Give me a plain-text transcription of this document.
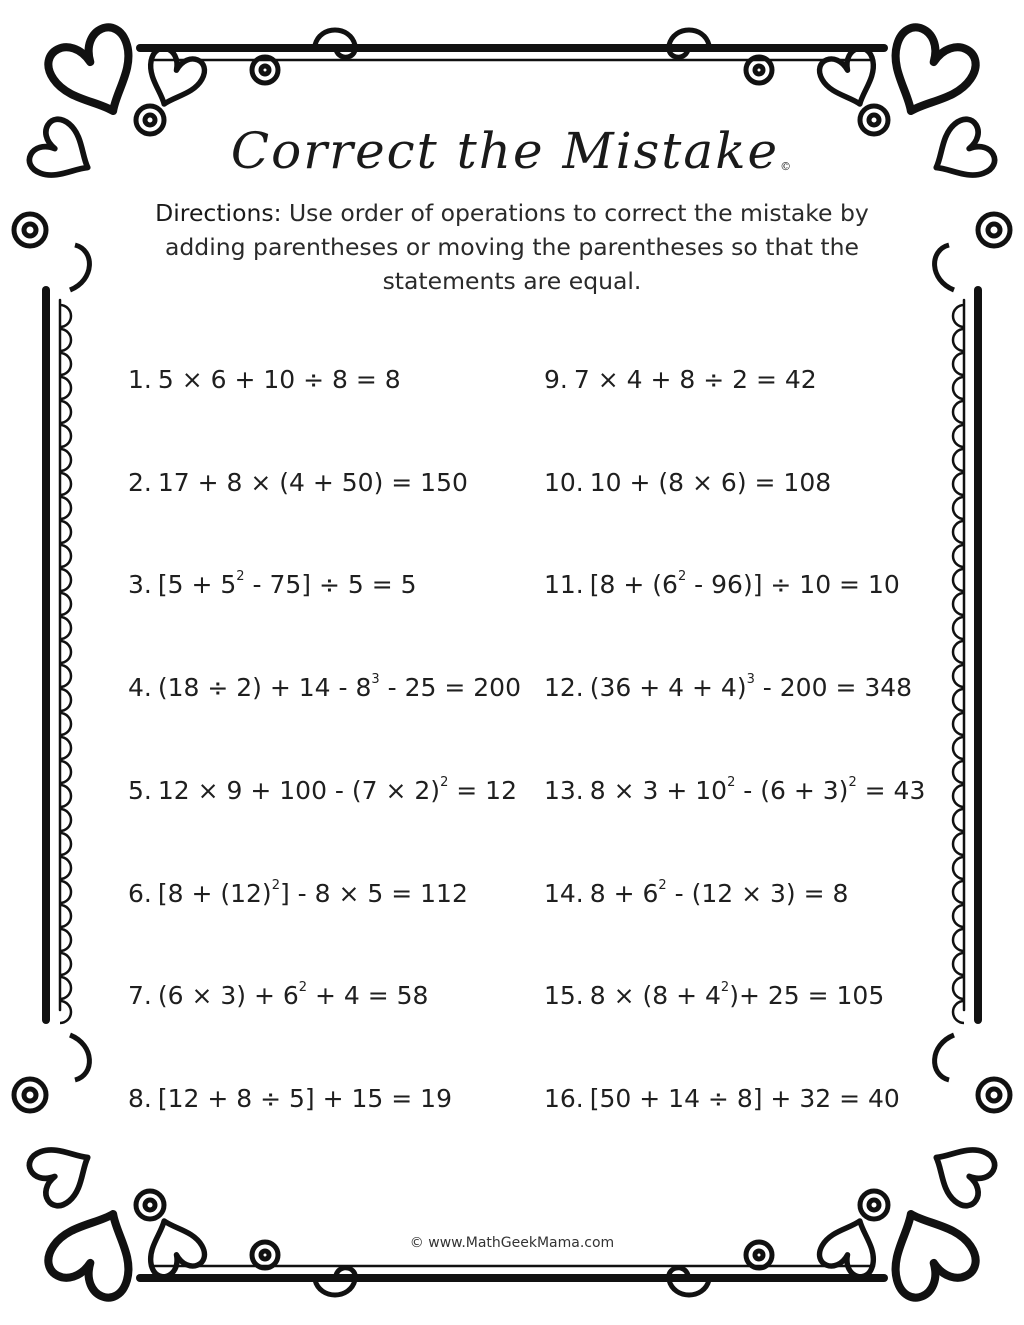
Correct the Mistake©

Directions: Use order of operations to correct the mistake by adding parentheses or moving the parentheses so that the statements are equal.

1. 5 × 6 + 10 ÷ 8 = 8
2. 17 + 8 × (4 + 50) = 150
3. $[5 + 5^2 - 75] \div 5 = 5$
4. $(18 \div 2) + 14 - 8^3 - 25 = 200$
5. $12 \times 9 + 100 - (7 \times 2)^2 = 12$
6. $[8 + (12)^2] - 8 \times 5 = 112$
7. $(6 \times 3) + 6^2 + 4 = 58$
8. [12 + 8 ÷ 5] + 15 = 19
9. 7 × 4 + 8 ÷ 2 = 42
10. 10 + (8 × 6) = 108
11. $[8 + (6^2 - 96)] \div 10 = 10$
12. $(36 + 4 + 4)^3 - 200 = 348$
13. $8 \times 3 + 10^2 - (6 + 3)^2 = 43$
14. $8 + 6^2 - (12 \times 3) = 8$
15. $8 \times (8 + 4^2)+ 25 = 105$
16. [50 + 14 ÷ 8] + 32 = 40
© www.MathGeekMama.com
